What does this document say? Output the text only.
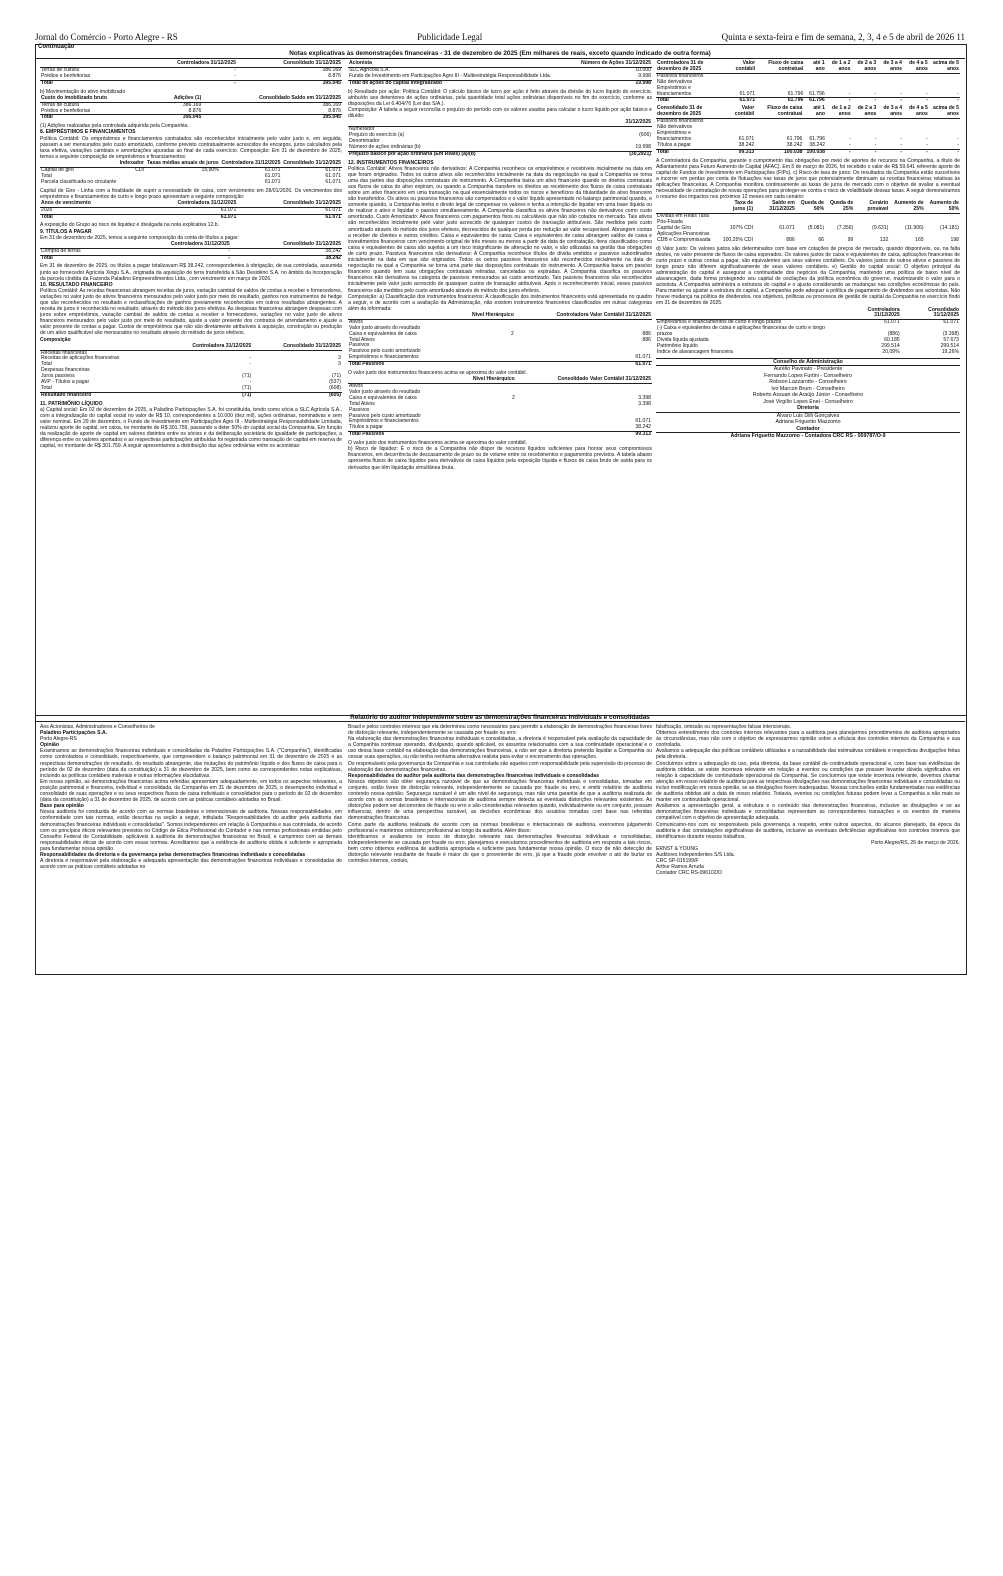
Jornal do Comércio - Porto Alegre - RS	Publicidade Legal	Quinta e sexta-feira e fim de semana, 2, 3, 4 e 5 de abril de 2026 11
Continuação
Notas explicativas às demonstrações financeiras - 31 de dezembro de 2025 (Em milhares de reais, exceto quando indicado de outra forma)
	Controladora 31/12/2025	Consolidado 31/12/2025
Terras de cultura	-	386.169
Prédios e benfeitorias	-	8.876
Total	-	395.045
b) Movimentação do ativo imobilizado
Custo do imobilizado bruto	Adições (1)	Consolidado Saldo em 31/12/2025
Terras de cultura	386.169	386.169
Prédios e benfeitorias	8.876	8.876
Total	395.045	395.045
(1) Adições realizadas pela controlada adquirida pela Companhia.
8. EMPRÉSTIMOS E FINANCIAMENTOS
Política Contábil: Os empréstimos e financiamentos contratados são reconhecidos inicialmente pelo valor justo e, em seguida, passam a ser mensurados pelo custo amortizado, conforme previsto contratualmente acrescidos de encargos, juros calculados pela taxa efetiva, variações cambiais e amortizações apuradas ao final de cada exercício. Composição: Em 31 de dezembro de 2025, temos a seguinte composição de empréstimos e financiamentos:
	Indexador	Taxas médias anuais de juros	Controladora 31/12/2025	Consolidado 31/12/2025
Capital de giro	CDI	15,90%	61.071	61.071
Total			61.071	61.071
Parcela classificada no circulante			61.071	61.071
Capital de Giro - Linha com a finalidade de suprir a necessidade de caixa, com vencimento em 28/01/2026. Os vencimentos dos empréstimos e financiamentos de curto e longo prazo apresentam a seguinte composição:
Anos de vencimento	Controladora 31/12/2025	Consolidado 31/12/2025
2026	61.071	61.071
Total	61.071	61.071
A exposição do Grupo ao risco de liquidez é divulgada na nota explicativa 12.b.
9. TÍTULOS A PAGAR
Em 31 de dezembro de 2025, temos a seguinte composição da conta de títulos a pagar:
	Controladora 31/12/2025	Consolidado 31/12/2025
Compra de terras	-	38.242
Total	-	38.242
Em 31 de dezembro de 2025, os títulos a pagar totalizavam R$ 38.242, correspondentes à obrigação, de sua controlada, assumida junto ao fornecedor Agrícola Xingu S.A., originada da aquisição de terra transferida à São Desidério S.A. no âmbito da incorporação da parcela cindida da Fazenda Paladino Empreendimentos Ltda., com vencimento em março de 2026.
10. RESULTADO FINANCEIRO
Política Contábil: As receitas financeiras abrangem receitas de juros, variação cambial de saldos de contas a receber e fornecedores, variações no valor justo de ativos financeiros mensurados pelo valor justo por meio do resultado, ganhos nos instrumentos de hedge que são reconhecidos no resultado e reclassificações de ganhos previamente reconhecidos em outros resultados abrangentes. A receita de juros é reconhecida no resultado, através do método dos juros efetivos. As despesas financeiras abrangem despesas com juros sobre empréstimos, variação cambial de saldos de contas a receber e fornecedores, variações no valor justo de ativos financeiros mensurados pelo valor justo por meio do resultado, ajuste a valor presente dos contratos de arrendamento e ajuste a valor presente de contas a pagar. Custos de empréstimos que não são diretamente atribuíveis à aquisição, construção ou produção de um ativo qualificável são mensurados no resultado através do método de juros efetivos.
Composição
	Controladora 31/12/2025	Consolidado 31/12/2025
Receitas financeiras		
Receitas de aplicações financeiras	-	3
Total	-	3
Despesas financeiras		
Juros passivos	(71)	(71)
AVP - Títulos a pagar	-	(537)
Total	(71)	(608)
Resultado financeiro	(71)	(605)
11. PATRIMÔNIO LÍQUIDO
a) Capital social: Em 02 de dezembro de 2025, a Paladino Participações S.A. foi constituída, tendo como sócia a SLC Agrícola S.A., com a integralização do capital social no valor de R$ 10, correspondentes a 10.000 (dez mil), ações ordinárias, nominativas e sem valor nominal. Em 29 de dezembro, o Fundo de Investimento em Participações Agro III - Multiestratégia Responsabilidade Limitada, realizou aporte de capital, em caixa, no montante de R$ 301.759, passando a deter 50% do capital social da Companhia. Em função da realização de aporte de capital em valores distintos entre os sócios e da deliberação societária de igualdade de participações, a diferença entre os valores aportados e as respectivas participações atribuídas foi registrada como transação de capital em reserva de capital, no montante de R$ 301.759. A seguir apresentamos a distribuição das ações ordinárias entre os acionistas:
Acionista	Número de Ações 31/12/2025
SLC Agrícola S.A.	10.000
Fundo de Investimento em Participações Agro III - Multiestratégia Responsabilidade Ltda.	9.998
Total de ações do capital integralizado	19.998
b) Resultado por ação: Política Contábil: O cálculo básico de lucro por ação é feito através da divisão do lucro líquido do exercício, atribuído aos detentores de ações ordinárias, pela quantidade total ações ordinárias disponíveis no fim do exercício, conforme as disposições da Lei 6.404/76 (Lei das S/A.).
Composição: A tabela a seguir reconcilia o prejuízo do período com os valores usados para calcular o lucro líquido por ação básico e diluído:
	31/12/2025
Numerador	
Prejuízo do exercício (a)	(606)
Denominador	
Número de ações ordinárias (b)	19.998
Prejuízo básico por ação ordinária (Em Reais) (a)/(b)	(30,2921)
12. INSTRUMENTOS FINANCEIROS
Política Contábil: Ativos financeiros não derivativos: A Companhia reconhece os empréstimos e recebíveis inicialmente na data em que foram originados. Todos os outros ativos são reconhecidos inicialmente na data da negociação na qual a Companhia se torna uma das partes das disposições contratuais do instrumento. A Companhia baixa um ativo financeiro quando os direitos contratuais aos fluxos de caixa do ativo expiram, ou quando a Companhia transfere os direitos ao recebimento dos fluxos de caixa contratuais sobre um ativo financeiro em uma transação na qual essencialmente todos os riscos e benefícios da titularidade do ativo financeiro são transferidos. Os ativos ou passivos financeiros são compensados e o valor líquido apresentado no balanço patrimonial quando, e somente quando, a Companhia tenha o direito legal de compensar os valores e tenha a intenção de liquidar em uma base líquida ou de realizar o ativo e liquidar o passivo simultaneamente. A Companhia classifica os ativos financeiros não derivativos como custo amortizado. Custo Amortizado: Ativos financeiros com pagamentos fixos ou calculáveis que não são cotados no mercado. Tais ativos são reconhecidos inicialmente pelo valor justo acrescido de quaisquer custos de transação atribuíveis. São medidos pelo custo amortizado através do método dos juros efetivos, decrescidos de qualquer perda por redução ao valor recuperável. Abrangem contas a receber de clientes e outros créditos. Caixa e equivalentes de caixa: Caixa e equivalentes de caixa abrangem saldos de caixa e investimentos financeiros com vencimento original de três meses ou menos a partir da data de contratação, itens classificados como caixa e equivalentes de caixa são sujeitos a um risco insignificante de alteração no valor, e são utilizadas na gestão das obrigações de curto prazo. Passivos financeiros não derivativos: A Companhia reconhece títulos de dívida emitidos e passivos subordinados inicialmente na data em que são originados. Todos os outros passivos financeiros são reconhecidos inicialmente na data de negociação na qual a Companhia se torna uma parte das disposições contratuais do instrumento. A Companhia baixa um passivo financeiro quando tem suas obrigações contratuais retiradas, canceladas ou expiradas. A Companhia classifica os passivos financeiros não derivativos na categoria de passivos mensurados ao custo amortizado. Tais passivos financeiros são reconhecidos inicialmente pelo valor justo acrescido de quaisquer custos de transação atribuíveis. Após o reconhecimento inicial, esses passivos financeiros são medidos pelo custo amortizado através do método dos juros efetivos.
Composição: a) Classificação dos instrumentos financeiros: A classificação dos instrumentos financeiros está apresentada no quadro a seguir, e de acordo com a avaliação da Administração, não existem instrumentos financeiros classificados em outras categorias além da informada:
	Nível Hierárquico	Controladora Valor Contábil 31/12/2025
Ativos		
Valor justo através do resultado		
Caixa e equivalentes de caixa	2	886
Total Ativos		886
Passivos		
Passivos pelo custo amortizado		
Empréstimos e financiamentos		61.071
Total Passivos		61.071
O valor justo dos instrumentos financeiros acima se aproxima do valor contábil.
	Nível Hierárquico	Consolidado Valor Contábil 31/12/2025
Ativos		
Valor justo através do resultado		
Caixa e equivalentes de caixa	2	3.398
Total Ativos		3.398
Passivos		
Passivos pelo custo amortizado		
Empréstimos e financiamentos		61.071
Títulos a pagar		38.242
Total Passivos		99.313
O valor justo dos instrumentos financeiros acima se aproxima do valor contábil.
b) Risco de liquidez: É o risco de a Companhia não dispor de recursos líquidos suficientes para honrar seus compromissos financeiros, em decorrência de descasamento de prazo ou de volume entre os recebimentos e pagamentos previstos. A tabela abaixo apresenta fluxos de caixa líquidos para derivativos de caixa líquidos pela exposição líquida e fluxos de caixa bruto de saída para os derivados que têm liquidação simultânea bruta.
Controladora 31 de dezembro de 2025	Valor contábil	Fluxo de caixa contratual	até 1 ano	de 1 a 2 anos	de 2 a 3 anos	de 3 a 4 anos	de 4 a 5 anos	acima de 5 anos
Passivos financeiros								
Não derivativos								
Empréstimos e financiamentos	61.071	61.796	61.796	-	-	-	-	-
Total	61.071	61.796	61.796	-	-	-	-	-
Consolidado 31 de dezembro de 2025	Valor contábil	Fluxo de caixa contratual	até 1 ano	de 1 a 2 anos	de 2 a 3 anos	de 3 a 4 anos	de 4 a 5 anos	acima de 5 anos
Passivos financeiros								
Não derivativos								
Empréstimos e financiamentos	61.071	61.796	61.796	-	-	-	-	-
Títulos a pagar	38.242	38.242	38.242	-	-	-	-	-
Total	99.313	100.038	100.038	-	-	-	-	-
A Controladora da Companhia, garante o cumprimento das obrigações por meio de aportes de recursos na Companhia, a título de Adiantamento para Futuro Aumento de Capital (AFAC). Em 5 de março de 2026, foi recebido o valor de R$ 59.641 referente aporte de capital de Fundos de Investimento em Participações (FIPs). c) Risco de taxa de juros: Os resultados da Companhia estão suscetíveis a incorrer em perdas por conta de flutuações nas taxas de juros que potencialmente diminuam as receitas financeiras relativas às aplicações financeiras. A Companhia monitora continuamente as taxas de juros de mercado com o objetivo de avaliar a eventual necessidade de contratação de novas operações para proteger-se contra o risco de volatilidade dessas taxas. A seguir demonstramos o resumo dos impactos nos próximos 12 meses em cada cenário:
	Taxa de juros (1)	Saldo em 31/12/2025	Queda de 50%	Queda de 25%	Cenário provável	Aumento de 25%	Aumento de 50%
Dívidas em Reais Taxa Pós-Fixada							
Capital de Giro	107% CDI	61.071	(5.081)	(7.356)	(9.631)	(11.906)	(14.181)
Aplicações Financeiras							
CDB e Compromissada	100,25% CDI	886	66	99	132	165	198
d) Valor justo: Os valores justos são determinados com base em cotações de preços de mercado, quando disponíveis, ou, na falta destes, no valor presente de fluxos de caixa esperados. Os valores justos de caixa e equivalentes de caixa, aplicações financeiras de curto prazo e outras contas a pagar, são equivalentes aos seus valores contábeis. Os valores justos de outros ativos e passivos de longo prazo não diferem significativamente de seus valores contábeis. e) Gestão do capital social: O objetivo principal da administração do capital é assegurar a continuidade dos negócios da Companhia, mantendo uma política de baixo nível de alavancagem, dada forma protegendo seu capital de oscilações da política econômica do governo, maximizando o valor para o acionista. A Companhia administra a estrutura do capital e o ajusta considerando as mudanças nas condições econômicas do país. Para manter ou ajustar a estrutura do capital, a Companhia pode adequar a política de pagamento de dividendos aos acionistas. Não houve mudança na política de dividendos, nos objetivos, políticas ou processos de gestão de capital da Companhia no exercício findo em 31 de dezembro de 2025.
	Controladora 31/12/2025	Consolidado 31/12/2025
Empréstimos e financiamentos de curto e longo prazos	61.071	61.071
(-) Caixa e equivalentes de caixa e aplicações financeiras de curto e longo prazos	(886)	(3.398)
Dívida líquida ajustada	60.185	57.673
Patrimônio líquido	299.514	299.514
Índice de alavancagem financeira	20,09%	19,26%
Conselho de Administração
Aurélio Pavinato - Presidente
Fernando Lopes Furtini - Conselheiro
Robson Lazzarotto - Conselheiro
Ivo Marcon Brum - Conselheiro
Roberto Assuan de Araújo Júnior - Conselheiro
José Virgílio Lopes Enei - Conselheiro
Diretoria
Álvaro Luis Dilli Gonçalves
Adriana Friguetto Mazzomo
Contador
Adriana Friguetto Mazzomo - Contadora CRC RS - 059787/O-9
Relatório do auditor independente sobre as demonstrações financeiras individuais e consolidadas

Aos Acionistas, Administradores e Conselheiros de

Paladino Participações S.A.

Porto Alegre-RS

Opinião

Examinamos as demonstrações financeiras individuais e consolidadas da Paladino Participações S.A. ("Companhia"), identificadas como controladora e consolidado, respectivamente, que compreendem o balanço patrimonial em 31 de dezembro de 2025 e as respectivas demonstrações do resultado, do resultado abrangente, das mutações do patrimônio líquido e dos fluxos de caixa para o período de 02 de dezembro (data da constituição) a 31 de dezembro de 2025, bem como as correspondentes notas explicativas, incluindo as políticas contábeis materiais e outras informações elucidativas.

Em nossa opinião, as demonstrações financeiras acima referidas apresentam adequadamente, em todos os aspectos relevantes, a posição patrimonial e financeira, individual e consolidada, da Companhia em 31 de dezembro de 2025, o desempenho individual e consolidado de suas operações e os seus respectivos fluxos de caixa individuais e consolidados para o período de 02 de dezembro (data da constituição) a 31 de dezembro de 2025, de acordo com as práticas contábeis adotadas no Brasil.

Base para opinião

Nossa auditoria foi conduzida de acordo com as normas brasileiras e internacionais de auditoria. Nossas responsabilidades, em conformidade com tais normas, estão descritas na seção a seguir, intitulada "Responsabilidades do auditor pela auditoria das demonstrações financeiras individuais e consolidadas". Somos independentes em relação à Companhia e sua controlada, de acordo com os princípios éticos relevantes previstos no Código de Ética Profissional do Contador e nas normas profissionais emitidas pelo Conselho Federal de Contabilidade, aplicáveis à auditoria de demonstrações financeiras no Brasil, e cumprimos com as demais responsabilidades éticas de acordo com essas normas. Acreditamos que a evidência de auditoria obtida é suficiente e apropriada para fundamentar nossa opinião.

Responsabilidades da diretoria e da governança pelas demonstrações financeiras individuais e consolidadas

A diretoria é responsável pela elaboração e adequada apresentação das demonstrações financeiras individuais e consolidadas de acordo com as práticas contábeis adotadas no

Brasil e pelos controles internos que ela determinou como necessários para permitir a elaboração de demonstrações financeiras livres de distorção relevante, independentemente se causada por fraude ou erro.

Na elaboração das demonstrações financeiras individuais e consolidadas, a diretoria é responsável pela avaliação da capacidade de a Companhia continuar operando, divulgando, quando aplicável, os assuntos relacionados com a sua continuidade operacional e o uso dessa base contábil na elaboração das demonstrações financeiras, a não ser que a diretoria pretenda liquidar a Companhia ou cessar suas operações, ou não tenha nenhuma alternativa realista para evitar o encerramento das operações.

Os responsáveis pela governança da Companhia e sua controlada são aqueles com responsabilidade pela supervisão do processo de elaboração das demonstrações financeiras.

Responsabilidades do auditor pela auditoria das demonstrações financeiras individuais e consolidadas

Nossos objetivos são obter segurança razoável de que as demonstrações financeiras individuais e consolidadas, tomadas em conjunto, estão livres de distorção relevante, independentemente se causada por fraude ou erro, e emitir relatório de auditoria contendo nossa opinião. Segurança razoável é um alto nível de segurança, mas não uma garantia de que a auditoria realizada de acordo com as normas brasileiras e internacionais de auditoria sempre detecta as eventuais distorções relevantes existentes. As distorções podem ser decorrentes de fraude ou erro e são consideradas relevantes quando, individualmente ou em conjunto, possam influenciar, dentro de uma perspectiva razoável, as decisões econômicas dos usuários tomadas com base nas referidas demonstrações financeiras.

Como parte da auditoria realizada de acordo com as normas brasileiras e internacionais de auditoria, exercemos julgamento profissional e mantemos ceticismo profissional ao longo da auditoria. Além disso:

Identificamos e avaliamos os riscos de distorção relevante nas demonstrações financeiras individuais e consolidadas, independentemente se causada por fraude ou erro, planejamos e executamos procedimentos de auditoria em resposta a tais riscos, bem como obtemos evidência de auditoria apropriada e suficiente para fundamentar nossa opinião. O risco de não detecção de distorção relevante resultante de fraude é maior do que o proveniente de erro, já que a fraude pode envolver o ato de burlar os controles internos, conluio,

falsificação, omissão ou representações falsas intencionais.

Obtemos entendimento dos controles internos relevantes para a auditoria para planejarmos procedimentos de auditoria apropriados às circunstâncias, mas não com o objetivo de expressarmos opinião sobre a eficácia dos controles internos da Companhia e sua controlada.

Avaliamos a adequação das políticas contábeis utilizadas e a razoabilidade das estimativas contábeis e respectivas divulgações feitas pela diretoria.

Concluímos sobre a adequação do uso, pela diretoria, da base contábil de continuidade operacional e, com base nas evidências de auditoria obtidas, se existe incerteza relevante em relação a eventos ou condições que possam levantar dúvida significativa em relação à capacidade de continuidade operacional da Companhia. Se concluirmos que existe incerteza relevante, devemos chamar atenção em nosso relatório de auditoria para as respectivas divulgações nas demonstrações financeiras individuais e consolidadas ou incluir modificação em nossa opinião, se as divulgações forem inadequadas. Nossas conclusões estão fundamentadas nas evidências de auditoria obtidas até a data de nosso relatório. Todavia, eventos ou condições futuras podem levar a Companhia a não mais se manter em continuidade operacional.

Avaliamos a apresentação geral, a estrutura e o conteúdo das demonstrações financeiras, inclusive as divulgações e se as demonstrações financeiras individuais e consolidadas representam as correspondentes transações e os eventos de maneira compatível com o objetivo de apresentação adequada.

Comunicamo-nos com os responsáveis pela governança a respeito, entre outros aspectos, do alcance planejado, da época da auditoria e das constatações significativas de auditoria, inclusive as eventuais deficiências significativas nos controles internos que identificamos durante nossos trabalhos.

Porto Alegre/RS, 26 de março de 2026.

ERNST & YOUNG

Auditores Independentes S/S Ltda.

CRC SP-015199/F

Arthur Ramos Arruda

Contador CRC RS-096102/O
